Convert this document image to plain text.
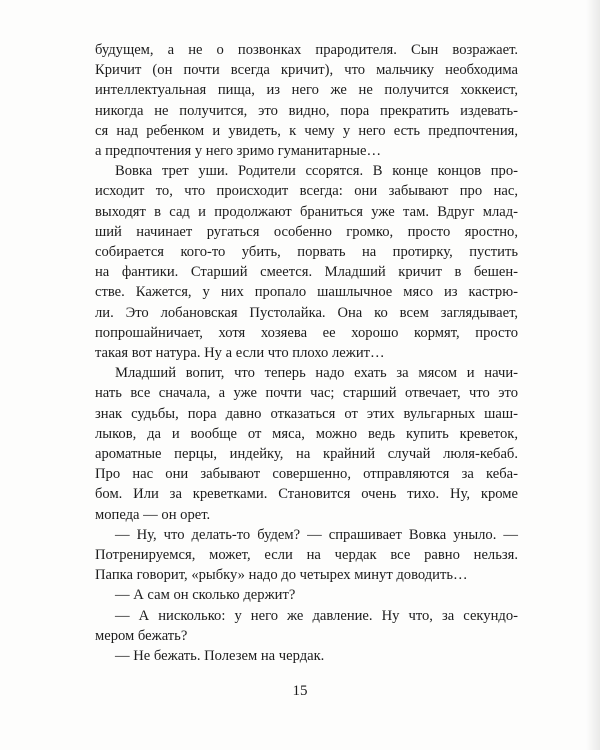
будущем, а не о позвонках прародителя. Сын возражает.
Кричит (он почти всегда кричит), что мальчику необходима
интеллектуальная пища, из него же не получится хоккеист,
никогда не получится, это видно, пора прекратить издевать-
ся над ребенком и увидеть, к чему у него есть предпочтения,
а предпочтения у него зримо гуманитарные…
Вовка трет уши. Родители ссорятся. В конце концов про-
исходит то, что происходит всегда: они забывают про нас,
выходят в сад и продолжают браниться уже там. Вдруг млад-
ший начинает ругаться особенно громко, просто яростно,
собирается кого-то убить, порвать на протирку, пустить
на фантики. Старший смеется. Младший кричит в бешен-
стве. Кажется, у них пропало шашлычное мясо из кастрю-
ли. Это лобановская Пустолайка. Она ко всем заглядывает,
попрошайничает, хотя хозяева ее хорошо кормят, просто
такая вот натура. Ну а если что плохо лежит…
Младший вопит, что теперь надо ехать за мясом и начи-
нать все сначала, а уже почти час; старший отвечает, что это
знак судьбы, пора давно отказаться от этих вульгарных шаш-
лыков, да и вообще от мяса, можно ведь купить креветок,
ароматные перцы, индейку, на крайний случай люля-кебаб.
Про нас они забывают совершенно, отправляются за кеба-
бом. Или за креветками. Становится очень тихо. Ну, кроме
мопеда — он орет.
— Ну, что делать-то будем? — спрашивает Вовка уныло. —
Потренируемся, может, если на чердак все равно нельзя.
Папка говорит, «рыбку» надо до четырех минут доводить…
— А сам он сколько держит?
— А нисколько: у него же давление. Ну что, за секундо-
мером бежать?
— Не бежать. Полезем на чердак.
15
